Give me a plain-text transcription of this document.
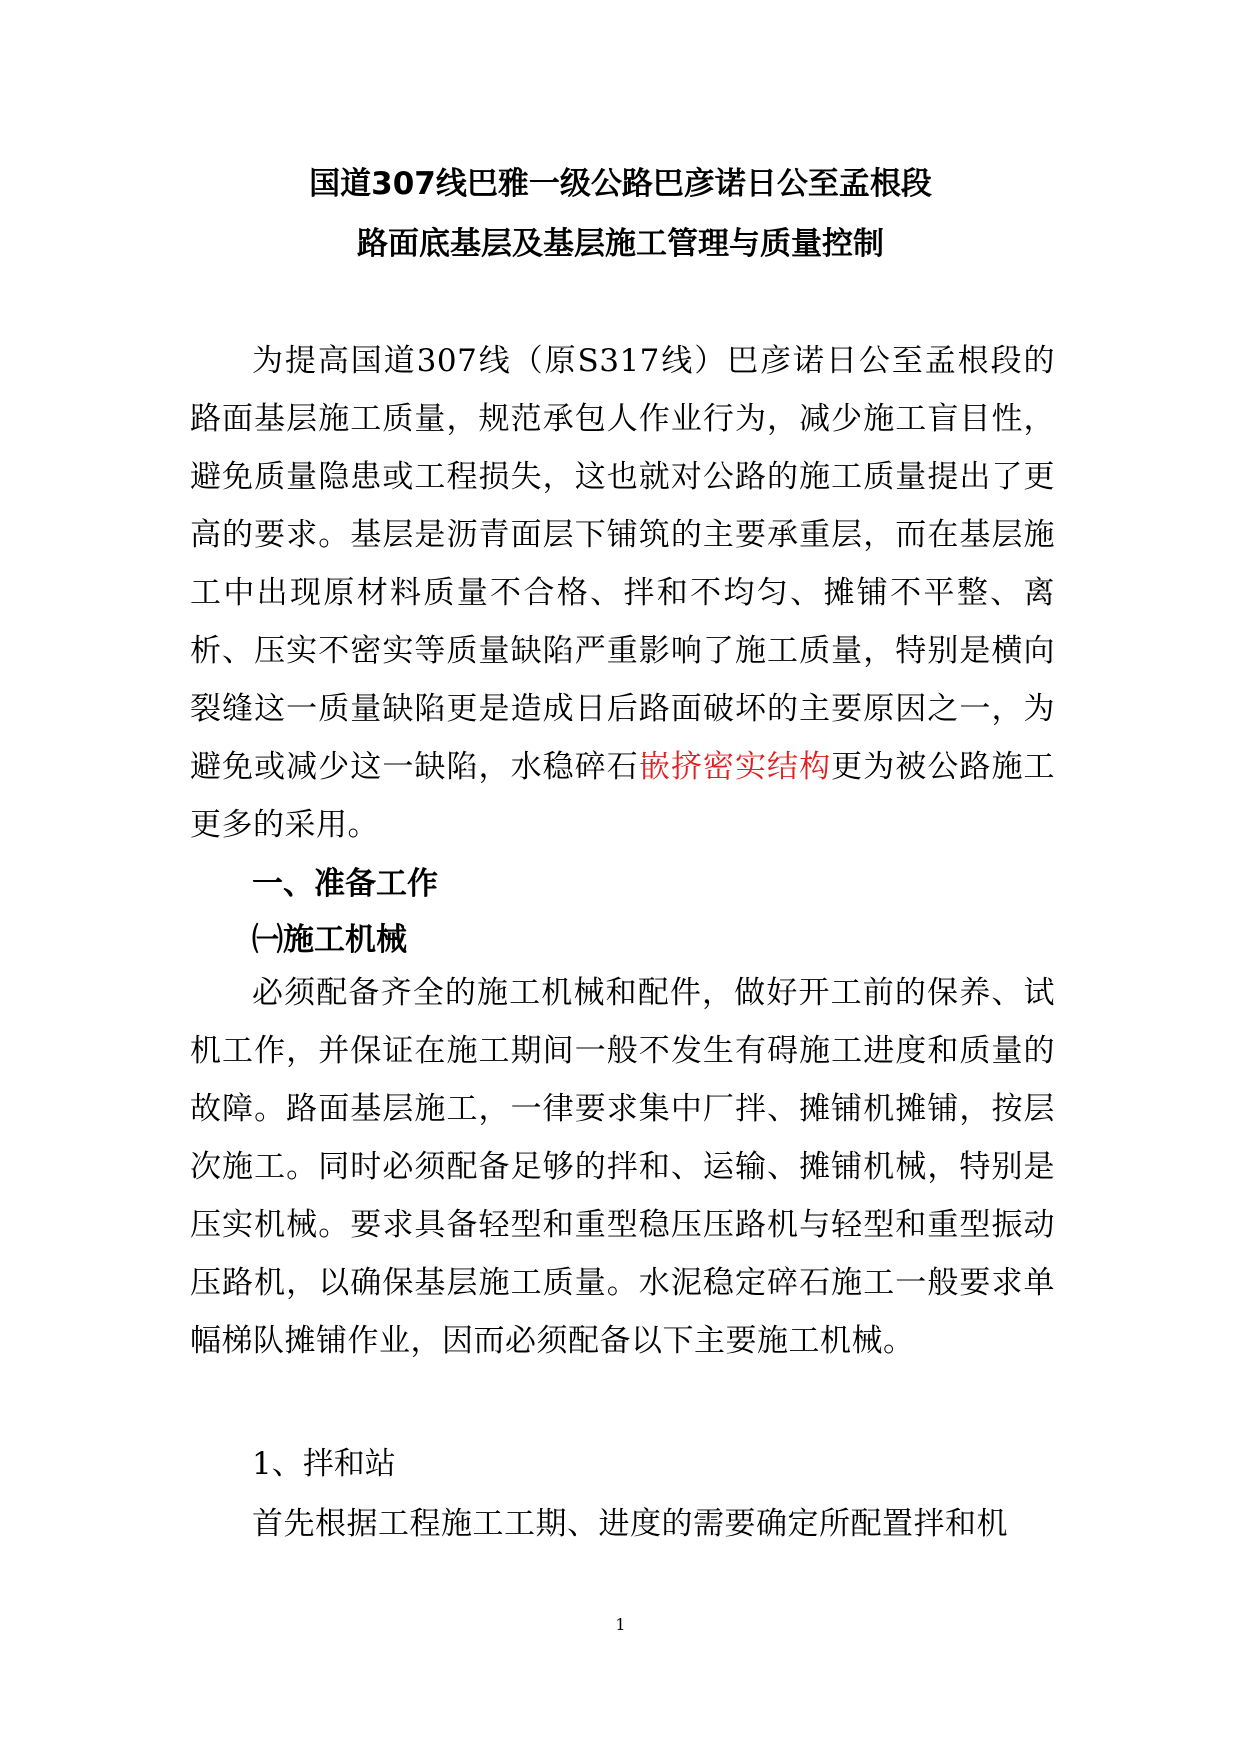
国道307线巴雅一级公路巴彦诺日公至孟根段
路面底基层及基层施工管理与质量控制
为提高国道307线（原S317线）巴彦诺日公至孟根段的路面基层施工质量，规范承包人作业行为，减少施工盲目性，避免质量隐患或工程损失，这也就对公路的施工质量提出了更高的要求。基层是沥青面层下铺筑的主要承重层，而在基层施工中出现原材料质量不合格、拌和不均匀、摊铺不平整、离析、压实不密实等质量缺陷严重影响了施工质量，特别是横向裂缝这一质量缺陷更是造成日后路面破坏的主要原因之一，为避免或减少这一缺陷，水稳碎石嵌挤密实结构更为被公路施工更多的采用。
一、准备工作
㈠施工机械
必须配备齐全的施工机械和配件，做好开工前的保养、试机工作，并保证在施工期间一般不发生有碍施工进度和质量的故障。路面基层施工，一律要求集中厂拌、摊铺机摊铺，按层次施工。同时必须配备足够的拌和、运输、摊铺机械，特别是压实机械。要求具备轻型和重型稳压压路机与轻型和重型振动压路机，以确保基层施工质量。水泥稳定碎石施工一般要求单幅梯队摊铺作业，因而必须配备以下主要施工机械。
1、拌和站
首先根据工程施工工期、进度的需要确定所配置拌和机
1
